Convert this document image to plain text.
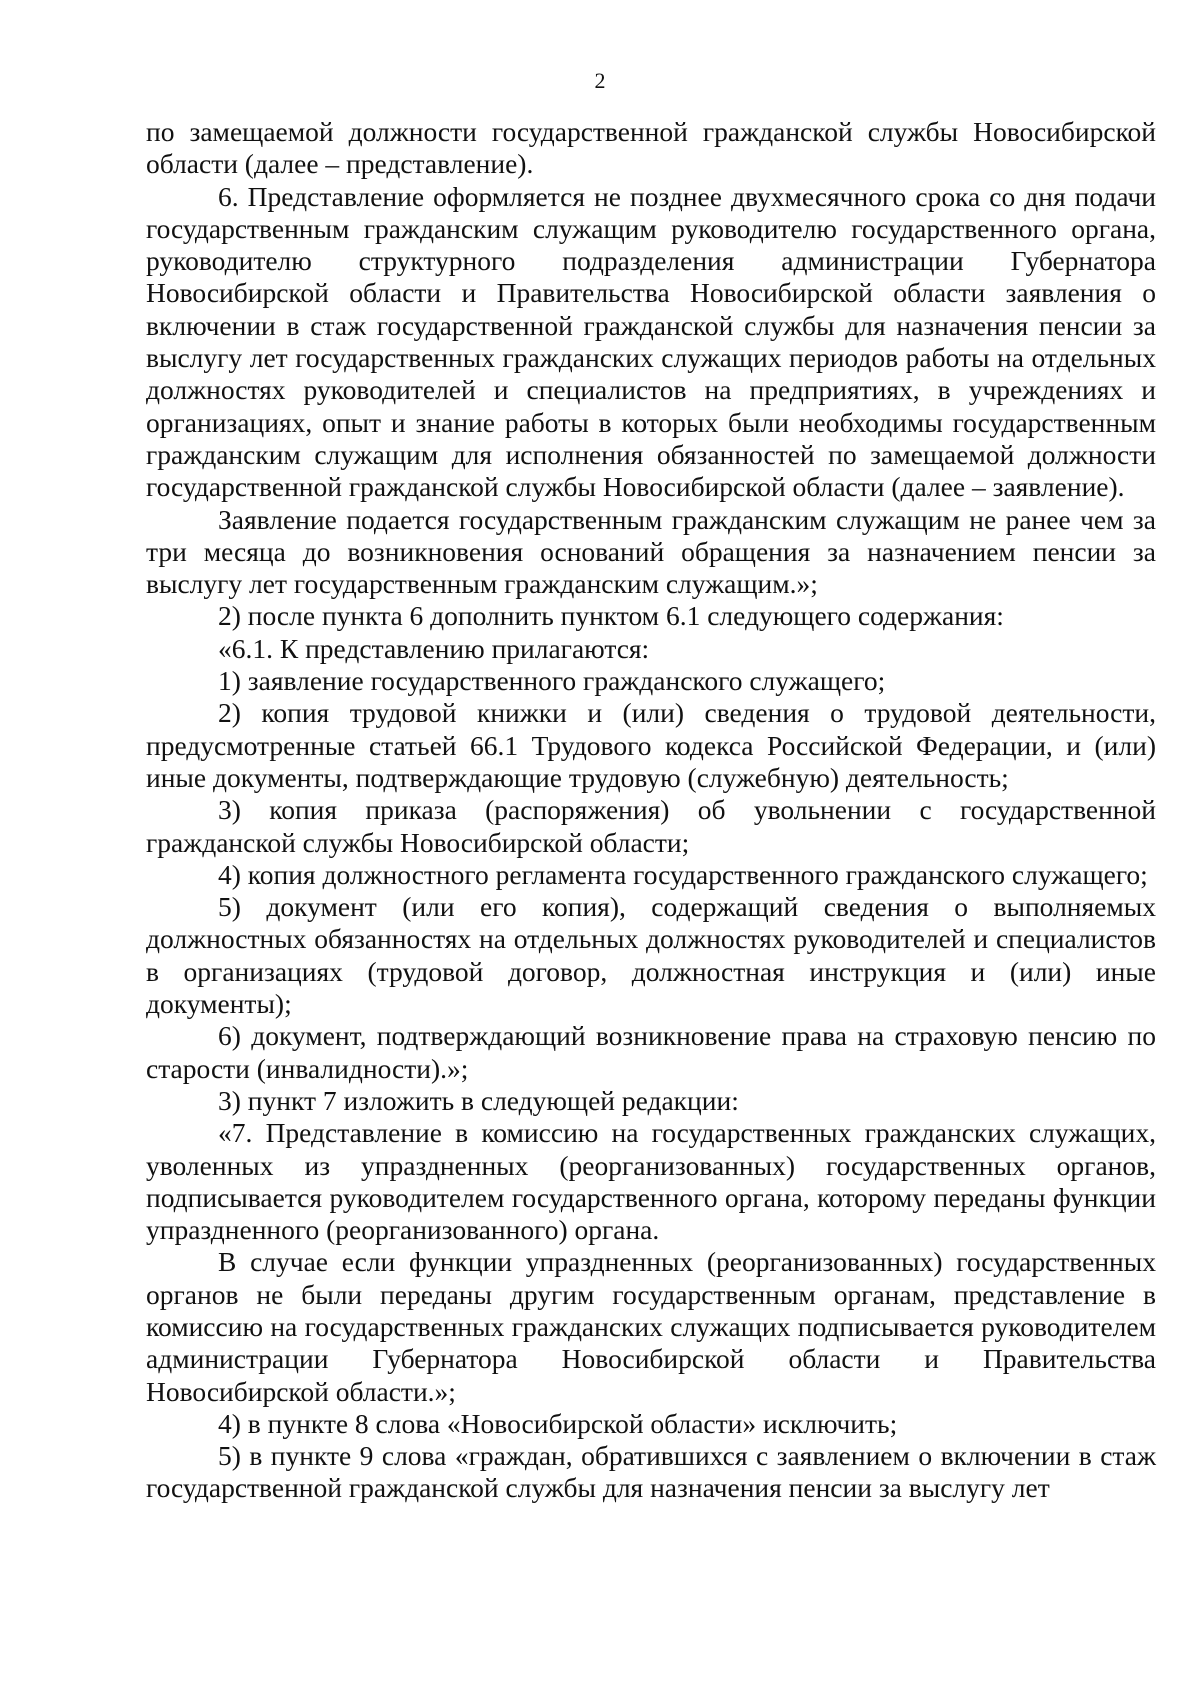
2

по замещаемой должности государственной гражданской службы Новосибирской области (далее – представление).

6. Представление оформляется не позднее двухмесячного срока со дня подачи государственным гражданским служащим руководителю государственного органа, руководителю структурного подразделения администрации Губернатора Новосибирской области и Правительства Новосибирской области заявления о включении в стаж государственной гражданской службы для назначения пенсии за выслугу лет государственных гражданских служащих периодов работы на отдельных должностях руководителей и специалистов на предприятиях, в учреждениях и организациях, опыт и знание работы в которых были необходимы государственным гражданским служащим для исполнения обязанностей по замещаемой должности государственной гражданской службы Новосибирской области (далее – заявление).

Заявление подается государственным гражданским служащим не ранее чем за три месяца до возникновения оснований обращения за назначением пенсии за выслугу лет государственным гражданским служащим.»;

2) после пункта 6 дополнить пунктом 6.1 следующего содержания:

«6.1. К представлению прилагаются:

1) заявление государственного гражданского служащего;

2) копия трудовой книжки и (или) сведения о трудовой деятельности, предусмотренные статьей 66.1 Трудового кодекса Российской Федерации, и (или) иные документы, подтверждающие трудовую (служебную) деятельность;

3) копия приказа (распоряжения) об увольнении с государственной гражданской службы Новосибирской области;

4) копия должностного регламента государственного гражданского служащего;

5) документ (или его копия), содержащий сведения о выполняемых должностных обязанностях на отдельных должностях руководителей и специалистов в организациях (трудовой договор, должностная инструкция и (или) иные документы);

6) документ, подтверждающий возникновение права на страховую пенсию по старости (инвалидности).»;

3) пункт 7 изложить в следующей редакции:

«7. Представление в комиссию на государственных гражданских служащих, уволенных из упраздненных (реорганизованных) государственных органов, подписывается руководителем государственного органа, которому переданы функции упраздненного (реорганизованного) органа.

В случае если функции упраздненных (реорганизованных) государственных органов не были переданы другим государственным органам, представление в комиссию на государственных гражданских служащих подписывается руководителем администрации Губернатора Новосибирской области и Правительства Новосибирской области.»;

4) в пункте 8 слова «Новосибирской области» исключить;

5) в пункте 9 слова «граждан, обратившихся с заявлением о включении в стаж государственной гражданской службы для назначения пенсии за выслугу лет
